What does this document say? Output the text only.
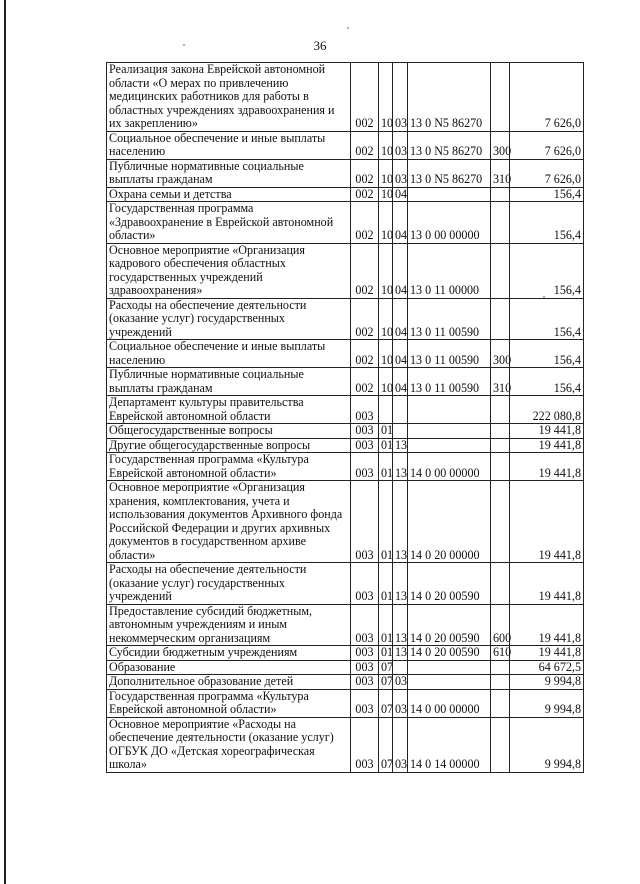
36
Реализация закона Еврейской автономной области «О мерах по привлечению медицинских работников для работы в областных учреждениях здравоохранения и их закреплению»	002	10	03	13 0 N5 86270		7 626,0
Социальное обеспечение и иные выплаты населению	002	10	03	13 0 N5 86270	300	7 626,0
Публичные нормативные социальные выплаты гражданам	002	10	03	13 0 N5 86270	310	7 626,0
Охрана семьи и детства	002	10	04			156,4
Государственная программа «Здравоохранение в Еврейской автономной области»	002	10	04	13 0 00 00000		156,4
Основное мероприятие «Организация кадрового обеспечения областных государственных учреждений здравоохранения»	002	10	04	13 0 11 00000		156,4
Расходы на обеспечение деятельности (оказание услуг) государственных учреждений	002	10	04	13 0 11 00590		156,4
Социальное обеспечение и иные выплаты населению	002	10	04	13 0 11 00590	300	156,4
Публичные нормативные социальные выплаты гражданам	002	10	04	13 0 11 00590	310	156,4
Департамент культуры правительства Еврейской автономной области	003					222 080,8
Общегосударственные вопросы	003	01				19 441,8
Другие общегосударственные вопросы	003	01	13			19 441,8
Государственная программа «Культура Еврейской автономной области»	003	01	13	14 0 00 00000		19 441,8
Основное мероприятие «Организация хранения, комплектования, учета и использования документов Архивного фонда Российской Федерации и других архивных документов в государственном архиве области»	003	01	13	14 0 20 00000		19 441,8
Расходы на обеспечение деятельности (оказание услуг) государственных учреждений	003	01	13	14 0 20 00590		19 441,8
Предоставление субсидий бюджетным, автономным учреждениям и иным некоммерческим организациям	003	01	13	14 0 20 00590	600	19 441,8
Субсидии бюджетным учреждениям	003	01	13	14 0 20 00590	610	19 441,8
Образование	003	07				64 672,5
Дополнительное образование детей	003	07	03			9 994,8
Государственная программа «Культура Еврейской автономной области»	003	07	03	14 0 00 00000		9 994,8
Основное мероприятие «Расходы на обеспечение деятельности (оказание услуг) ОГБУК ДО «Детская хореографическая школа»	003	07	03	14 0 14 00000		9 994,8
